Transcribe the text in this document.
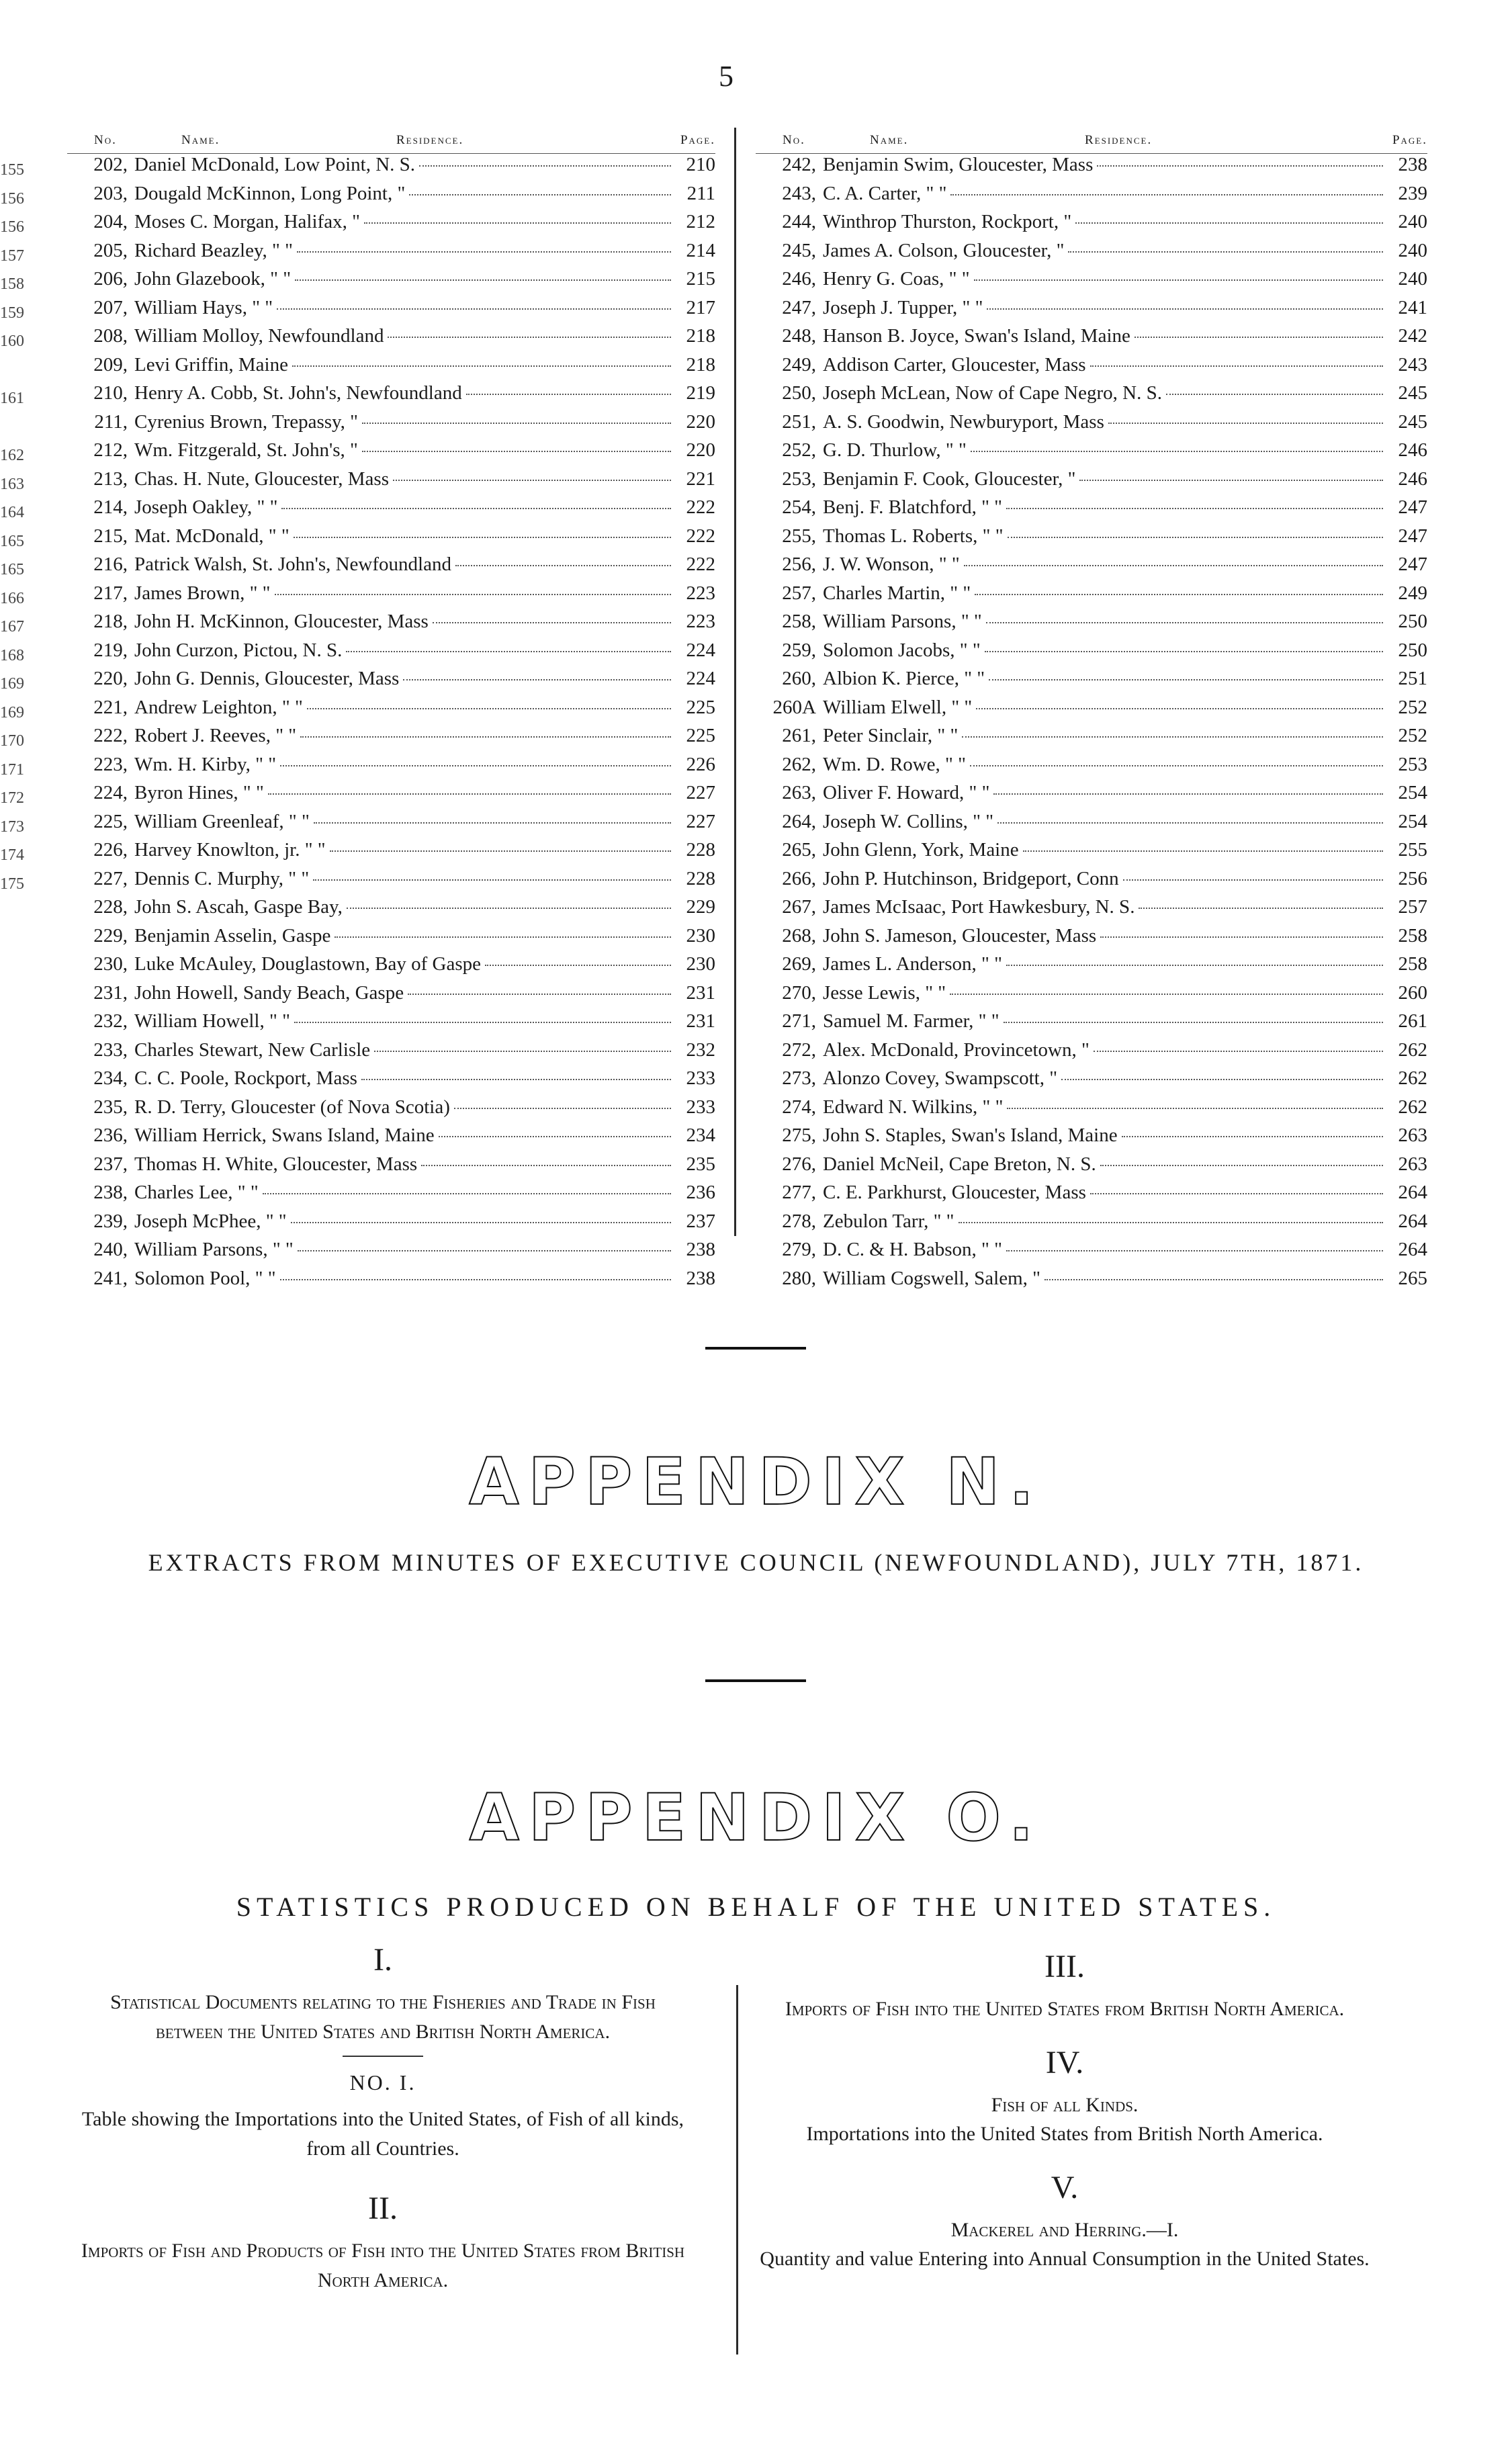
5
155
156
156
157
158
159
160
161
162
163
164
165
165
166
167
168
169
169
170
171
172
173
174
175
No.	Name.	Residence.	Page.
202, Daniel McDonald, Low Point, N. S.	210
203, Dougald McKinnon, Long Point, "	211
204, Moses C. Morgan, Halifax, "	212
205, Richard Beazley, " "	214
206, John Glazebook, " "	215
207, William Hays, " "	217
208, William Molloy, Newfoundland	218
209, Levi Griffin, Maine	218
210, Henry A. Cobb, St. John's, Newfoundland	219
211, Cyrenius Brown, Trepassy, "	220
212, Wm. Fitzgerald, St. John's, "	220
213, Chas. H. Nute, Gloucester, Mass	221
214, Joseph Oakley, " "	222
215, Mat. McDonald, " "	222
216, Patrick Walsh, St. John's, Newfoundland	222
217, James Brown, " "	223
218, John H. McKinnon, Gloucester, Mass	223
219, John Curzon, Pictou, N. S.	224
220, John G. Dennis, Gloucester, Mass	224
221, Andrew Leighton, " "	225
222, Robert J. Reeves, " "	225
223, Wm. H. Kirby, " "	226
224, Byron Hines, " "	227
225, William Greenleaf, " "	227
226, Harvey Knowlton, jr. " "	228
227, Dennis C. Murphy, " "	228
228, John S. Ascah, Gaspe Bay,	229
229, Benjamin Asselin, Gaspe	230
230, Luke McAuley, Douglastown, Bay of Gaspe	230
231, John Howell, Sandy Beach, Gaspe	231
232, William Howell, " "	231
233, Charles Stewart, New Carlisle	232
234, C. C. Poole, Rockport, Mass	233
235, R. D. Terry, Gloucester (of Nova Scotia)	233
236, William Herrick, Swans Island, Maine	234
237, Thomas H. White, Gloucester, Mass	235
238, Charles Lee, " "	236
239, Joseph McPhee, " "	237
240, William Parsons, " "	238
241, Solomon Pool, " "	238
No.	Name.	Residence.	Page.
242, Benjamin Swim, Gloucester, Mass	238
243, C. A. Carter, " "	239
244, Winthrop Thurston, Rockport, "	240
245, James A. Colson, Gloucester, "	240
246, Henry G. Coas, " "	240
247, Joseph J. Tupper, " "	241
248, Hanson B. Joyce, Swan's Island, Maine	242
249, Addison Carter, Gloucester, Mass	243
250, Joseph McLean, Now of Cape Negro, N. S.	245
251, A. S. Goodwin, Newburyport, Mass	245
252, G. D. Thurlow, " "	246
253, Benjamin F. Cook, Gloucester, "	246
254, Benj. F. Blatchford, " "	247
255, Thomas L. Roberts, " "	247
256, J. W. Wonson, " "	247
257, Charles Martin, " "	249
258, William Parsons, " "	250
259, Solomon Jacobs, " "	250
260, Albion K. Pierce, " "	251
260A William Elwell, " "	252
261, Peter Sinclair, " "	252
262, Wm. D. Rowe, " "	253
263, Oliver F. Howard, " "	254
264, Joseph W. Collins, " "	254
265, John Glenn, York, Maine	255
266, John P. Hutchinson, Bridgeport, Conn	256
267, James McIsaac, Port Hawkesbury, N. S.	257
268, John S. Jameson, Gloucester, Mass	258
269, James L. Anderson, " "	258
270, Jesse Lewis, " "	260
271, Samuel M. Farmer, " "	261
272, Alex. McDonald, Provincetown, "	262
273, Alonzo Covey, Swampscott, "	262
274, Edward N. Wilkins, " "	262
275, John S. Staples, Swan's Island, Maine	263
276, Daniel McNeil, Cape Breton, N. S.	263
277, C. E. Parkhurst, Gloucester, Mass	264
278, Zebulon Tarr, " "	264
279, D. C. & H. Babson, " "	264
280, William Cogswell, Salem, "	265
APPENDIX N.
EXTRACTS FROM MINUTES OF EXECUTIVE COUNCIL (NEWFOUNDLAND), JULY 7TH, 1871.
APPENDIX O.
STATISTICS PRODUCED ON BEHALF OF THE UNITED STATES.
I.
Statistical Documents relating to the Fisheries and Trade in Fish between the United States and British North America.
NO. I.
Table showing the Importations into the United States, of Fish of all kinds, from all Countries.
II.
Imports of Fish and Products of Fish into the United States from British North America.
III.
Imports of Fish into the United States from British North America.
IV.
Fish of all Kinds.
Importations into the United States from British North America.
V.
Mackerel and Herring.—I.
Quantity and value Entering into Annual Consumption in the United States.
